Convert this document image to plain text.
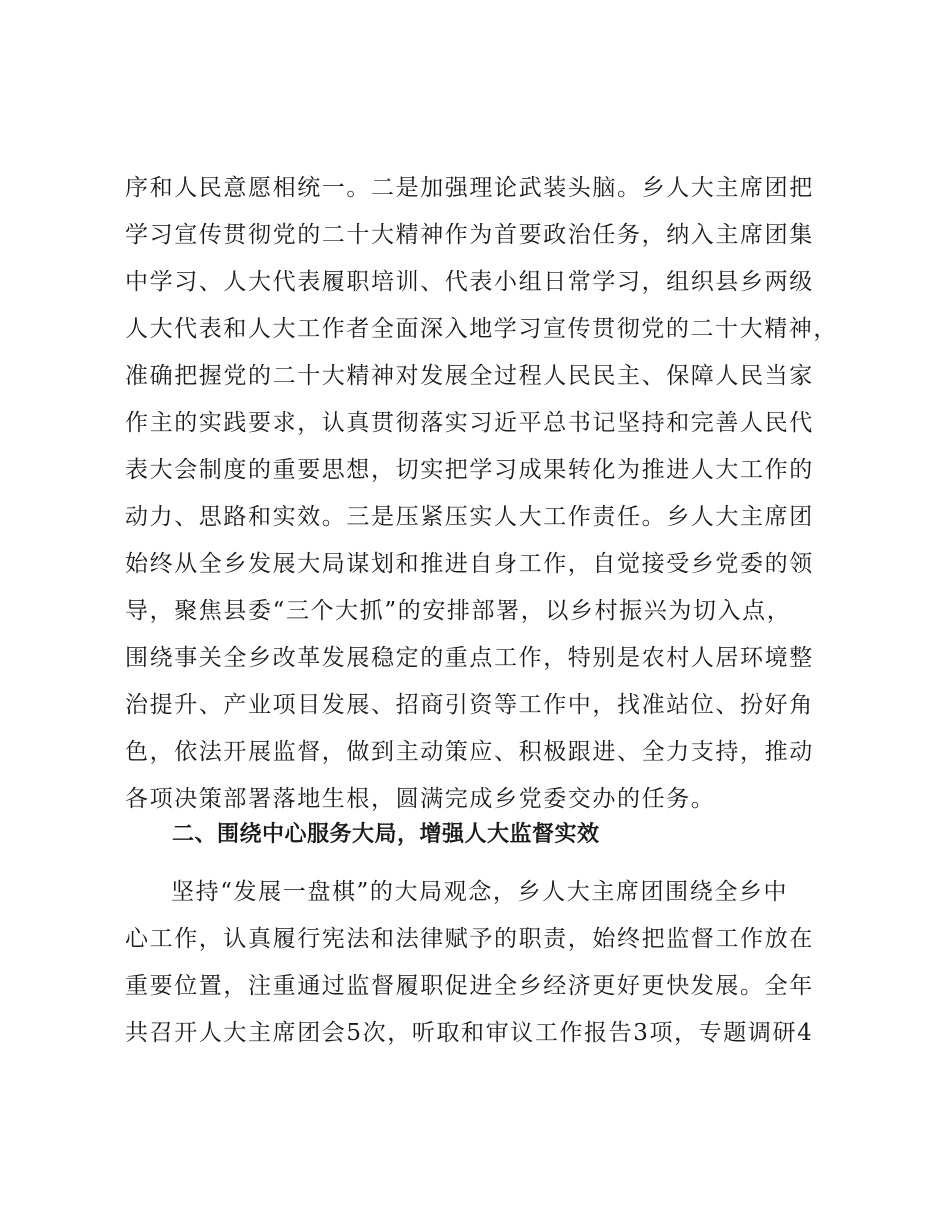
序和人民意愿相统一。二是加强理论武装头脑。乡人大主席团把
学习宣传贯彻党的二十大精神作为首要政治任务，纳入主席团集
中学习、人大代表履职培训、代表小组日常学习，组织县乡两级
人大代表和人大工作者全面深入地学习宣传贯彻党的二十大精神，
准确把握党的二十大精神对发展全过程人民民主、保障人民当家
作主的实践要求，认真贯彻落实习近平总书记坚持和完善人民代
表大会制度的重要思想，切实把学习成果转化为推进人大工作的
动力、思路和实效。三是压紧压实人大工作责任。乡人大主席团
始终从全乡发展大局谋划和推进自身工作，自觉接受乡党委的领
导，聚焦县委“三个大抓”的安排部署，以乡村振兴为切入点，
围绕事关全乡改革发展稳定的重点工作，特别是农村人居环境整
治提升、产业项目发展、招商引资等工作中，找准站位、扮好角
色，依法开展监督，做到主动策应、积极跟进、全力支持，推动
各项决策部署落地生根，圆满完成乡党委交办的任务。
二、围绕中心服务大局，增强人大监督实效
坚持“发展一盘棋”的大局观念，乡人大主席团围绕全乡中
心工作，认真履行宪法和法律赋予的职责，始终把监督工作放在
重要位置，注重通过监督履职促进全乡经济更好更快发展。全年
共召开人大主席团会5次，听取和审议工作报告3项，专题调研4
